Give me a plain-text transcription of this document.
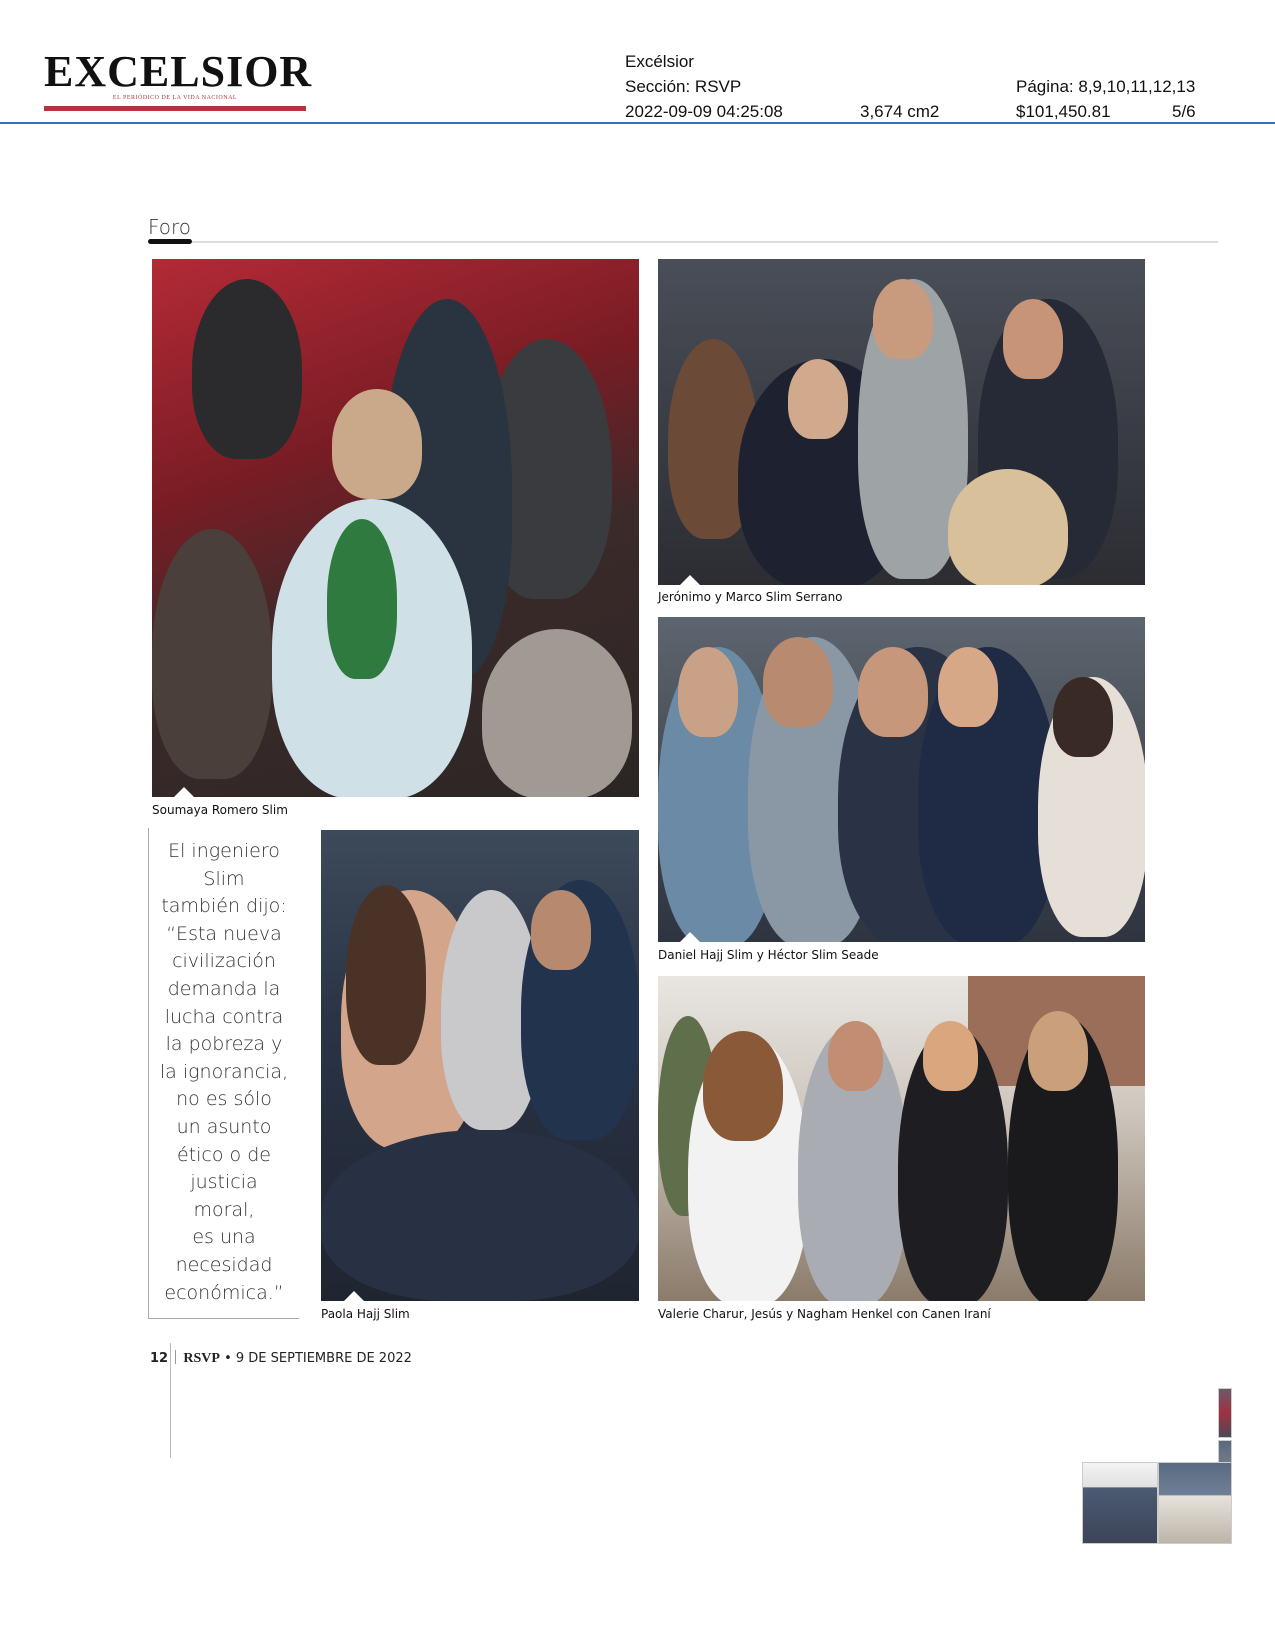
EXCELSIOR
EL PERIÓDICO DE LA VIDA NACIONAL
Excélsior
Sección: RSVP
2022-09-09 04:25:08	3,674 cm2
Página: 8,9,10,11,12,13
$101,450.81	5/6
Foro
Soumaya Romero Slim
Jerónimo y Marco Slim Serrano
Daniel Hajj Slim y Héctor Slim Seade
Paola Hajj Slim	Valerie Charur, Jesús y Nagham Henkel con Canen Iraní
El ingeniero
Slim
también dijo:
“Esta nueva
civilización
demanda la
lucha contra
la pobreza y
la ignorancia,
no es sólo
un asunto
ético o de
justicia
moral,
es una
necesidad
económica.”
12 RSVP • 9 DE SEPTIEMBRE DE 2022
